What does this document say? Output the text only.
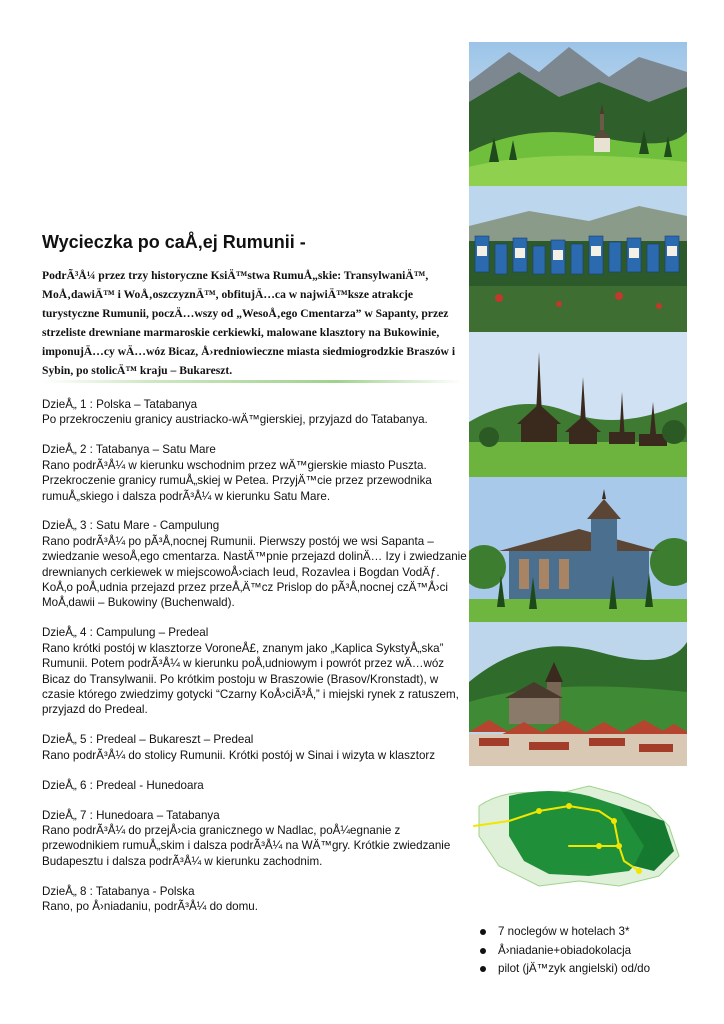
Wycieczka po caÅ‚ej Rumunii -

PodrÃ³Å¼ przez trzy historyczne KsiÄ™stwa RumuÅ„skie: TransylwaniÄ™, MoÅ‚dawiÄ™ i WoÅ‚oszczyznÄ™, obfitujÄ…ca w najwiÄ™ksze atrakcje turystyczne Rumunii, poczÄ…wszy od „WesoÅ‚ego Cmentarza” w Sapanty, przez strzeliste drewniane marmaroskie cerkiewki, malowane klasztory na Bukowinie, imponujÄ…cy wÄ…wóz Bicaz, Å›redniowieczne miasta siedmiogrodzkie Braszów i Sybin, po stolicÄ™ kraju – Bukareszt.

DzieÅ„ 1 : Polska – Tatabanya

Po przekroczeniu granicy austriacko-wÄ™gierskiej, przyjazd do Tatabanya.

DzieÅ„ 2 : Tatabanya – Satu Mare

Rano podrÃ³Å¼ w kierunku wschodnim przez wÄ™gierskie miasto Puszta. Przekroczenie granicy rumuÅ„skiej w Petea. PrzyjÄ™cie przez przewodnika rumuÅ„skiego i dalsza podrÃ³Å¼ w kierunku Satu Mare.

DzieÅ„ 3 : Satu Mare - Campulung

Rano podrÃ³Å¼ po pÃ³Å‚nocnej Rumunii. Pierwszy postój we wsi Sapanta – zwiedzanie wesoÅ‚ego cmentarza. NastÄ™pnie przejazd dolinÄ… Izy i zwiedzanie drewnianych cerkiewek w miejscowoÅ›ciach Ieud, Rozavlea i Bogdan VodÄƒ. KoÅ‚o poÅ‚udnia przejazd przez przeÅ‚Ä™cz Prislop do pÃ³Å‚nocnej czÄ™Å›ci MoÅ‚dawii – Bukowiny (Buchenwald).

DzieÅ„ 4 : Campulung – Predeal

Rano krótki postój w klasztorze VoroneÅ£, znanym jako „Kaplica SykstyÅ„ska” Rumunii. Potem podrÃ³Å¼ w kierunku poÅ‚udniowym i powrót przez wÄ…wóz Bicaz do Transylwanii. Po krótkim postoju w Braszowie (Brasov/Kronstadt), w czasie którego zwiedzimy gotycki “Czarny KoÅ›ciÃ³Å‚” i miejski rynek z ratuszem, przyjazd do Predeal.

DzieÅ„ 5 : Predeal – Bukareszt – Predeal

Rano podrÃ³Å¼ do stolicy Rumunii. Krótki postój w Sinai i wizyta w klasztorz

DzieÅ„ 6 : Predeal - Hunedoara

DzieÅ„ 7 : Hunedoara – Tatabanya

Rano podrÃ³Å¼ do przejÅ›cia granicznego w Nadlac, poÅ¼egnanie z przewodnikiem rumuÅ„skim i dalsza podrÃ³Å¼ na WÄ™gry. Krótkie zwiedzanie Budapesztu i dalsza podrÃ³Å¼ w kierunku zachodnim.

DzieÅ„ 8 : Tatabanya - Polska

Rano, po Å›niadaniu, podrÃ³Å¼ do domu.

7 noclegów w hotelach 3*
Å›niadanie+obiadokolacja
pilot (jÄ™zyk angielski) od/do
